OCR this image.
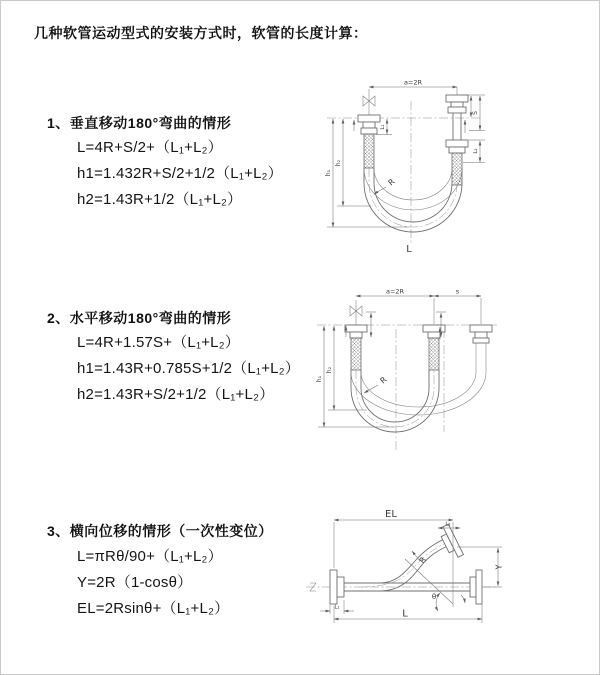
几种软管运动型式的安装方式时，软管的长度计算：
1、垂直移动180°弯曲的情形
L=4R+S/2+（L₁+L₂）
h1=1.432R+S/2+1/2（L₁+L₂）
h2=1.43R+1/2（L₁+L₂）
2、水平移动180°弯曲的情形
L=4R+1.57S+（L₁+L₂）
h1=1.43R+0.785S+1/2（L₁+L₂）
h2=1.43R+S/2+1/2（L₁+L₂）
3、横向位移的情形（一次性变位）
L=πRθ/90+（L₁+L₂）
Y=2R（1-cosθ）
EL=2Rsinθ+（L₁+L₂）
a=2R
L₁
S
L₂
h₁
h₂
R
L
a=2R	s
h₁
h₂
R
EL
L₂
Y
L
L₁
R
θ
